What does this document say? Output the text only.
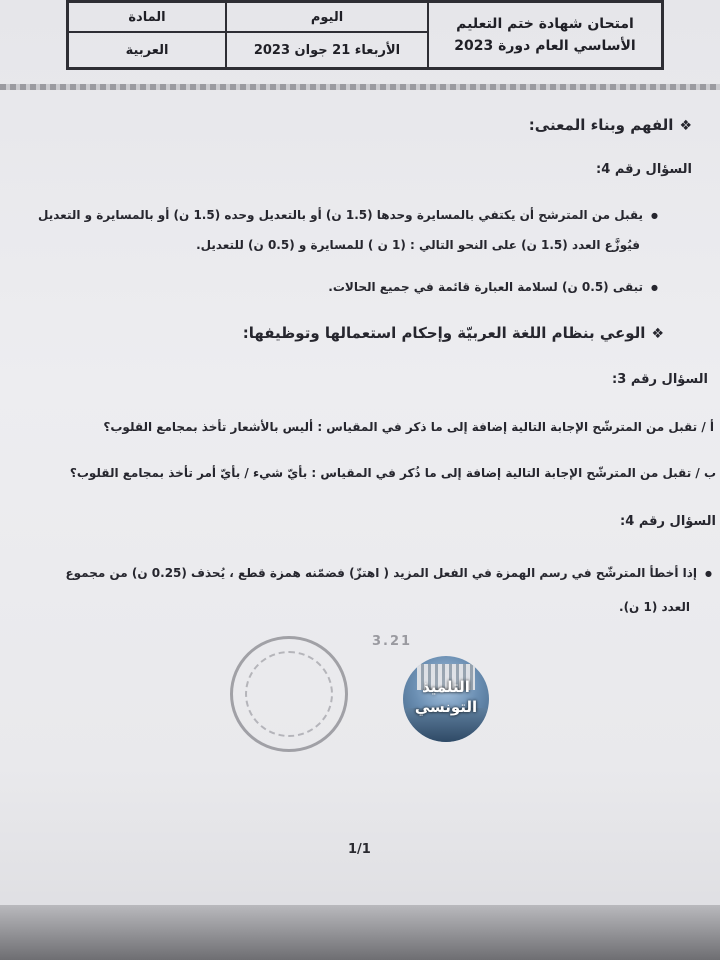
امتحان شهادة ختم التعليم
الأساسي العام دورة 2023
اليوم
المادة
الأربعاء 21 جوان 2023
العربية
❖الفهم وبناء المعنى:
السؤال رقم 4:
● يقبل من المترشح أن يكتفي بالمسايرة وحدها (1.5 ن) أو بالتعديل وحده (1.5 ن) أو بالمسايرة و التعديل
فيُوزَّع العدد (1.5 ن) على النحو التالي : (1 ن ) للمسايرة و (0.5 ن) للتعديل.
● تبقى (0.5 ن) لسلامة العبارة قائمة في جميع الحالات.
❖الوعي بنظام اللغة العربيّة وإحكام استعمالها وتوظيفها:
السؤال رقم 3:
أ / تقبل من المترشّح الإجابة التالية إضافة إلى ما ذكر في المقياس : أليس بالأشعار تأخذ بمجامع القلوب؟
ب / تقبل من المترشّح الإجابة التالية إضافة إلى ما ذُكر في المقياس : بأيّ شيء / بأيّ أمر تأخذ بمجامع القلوب؟
السؤال رقم 4:
● إذا أخطأ المترشّح في رسم الهمزة في الفعل المزيد ( اهتزّ) فضمّنه همزة قطع ، يُحذف (0.25 ن) من مجموع
العدد (1 ن).
3.21
التلميذ
التونسي
1/1
